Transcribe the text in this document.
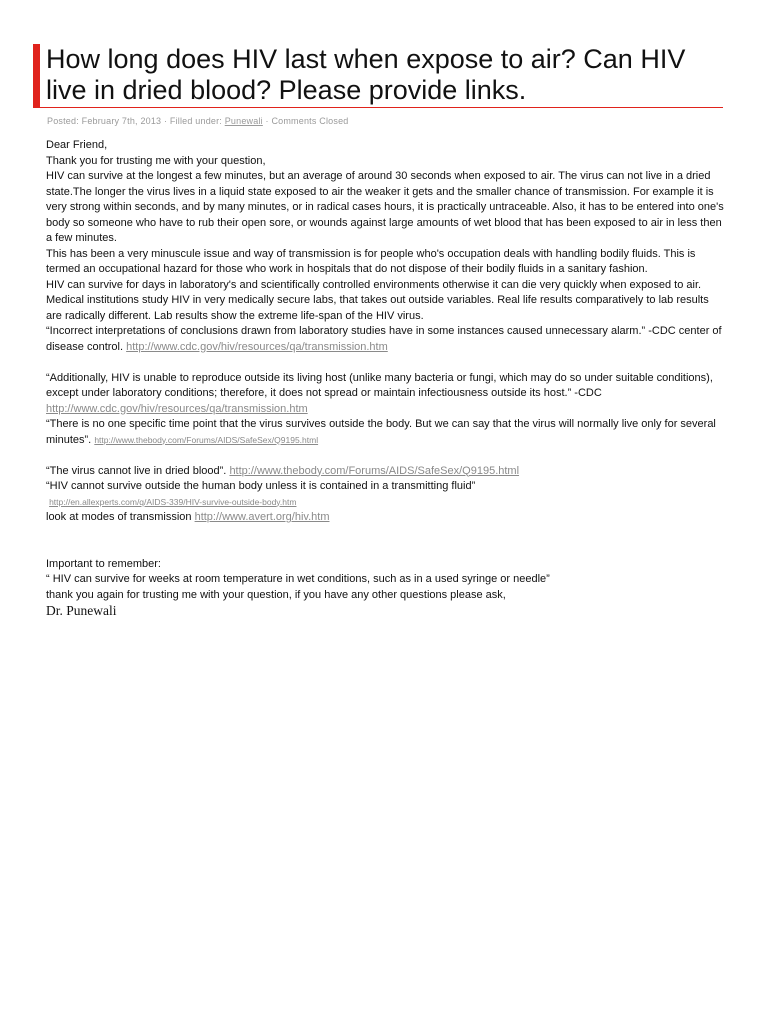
How long does HIV last when expose to air? Can HIV live in dried blood? Please provide links.
Posted: February 7th, 2013 · Filled under: Punewali · Comments Closed

Dear Friend,

Thank you for trusting me with your question,

HIV can survive at the longest a few minutes, but an average of around 30 seconds when exposed to air. The virus can not live in a dried state.The longer the virus lives in a liquid state exposed to air the weaker it gets and the smaller chance of transmission. For example it is very strong within seconds, and by many minutes, or in radical cases hours, it is practically untraceable. Also, it has to be entered into one's body so someone who have to rub their open sore, or wounds against large amounts of wet blood that has been exposed to air in less then a few minutes.

This has been a very minuscule issue and way of transmission is for people who's occupation deals with handling bodily fluids. This is termed an occupational hazard for those who work in hospitals that do not dispose of their bodily fluids in a sanitary fashion.

HIV can survive for days in laboratory's and scientifically controlled environments otherwise it can die very quickly when exposed to air. Medical institutions study HIV in very medically secure labs, that takes out outside variables. Real life results comparatively to lab results are radically different. Lab results show the extreme life-span of the HIV virus.

“Incorrect interpretations of conclusions drawn from laboratory studies have in some instances caused unnecessary alarm.” -CDC center of disease control. http://www.cdc.gov/hiv/resources/qa/transmission.htm

“Additionally, HIV is unable to reproduce outside its living host (unlike many bacteria or fungi, which may do so under suitable conditions), except under laboratory conditions; therefore, it does not spread or maintain infectiousness outside its host.” -CDC
http://www.cdc.gov/hiv/resources/qa/transmission.htm

“There is no one specific time point that the virus survives outside the body. But we can say that the virus will normally live only for several minutes”. http://www.thebody.com/Forums/AIDS/SafeSex/Q9195.html

“The virus cannot live in dried blood”. http://www.thebody.com/Forums/AIDS/SafeSex/Q9195.html

“HIV cannot survive outside the human body unless it is contained in a transmitting fluid”
http://en.allexperts.com/q/AIDS-339/HIV-survive-outside-body.htm

look at modes of transmission http://www.avert.org/hiv.htm

Important to remember:

“ HIV can survive for weeks at room temperature in wet conditions, such as in a used syringe or needle”

thank you again for trusting me with your question, if you have any other questions please ask,

Dr. Punewali
